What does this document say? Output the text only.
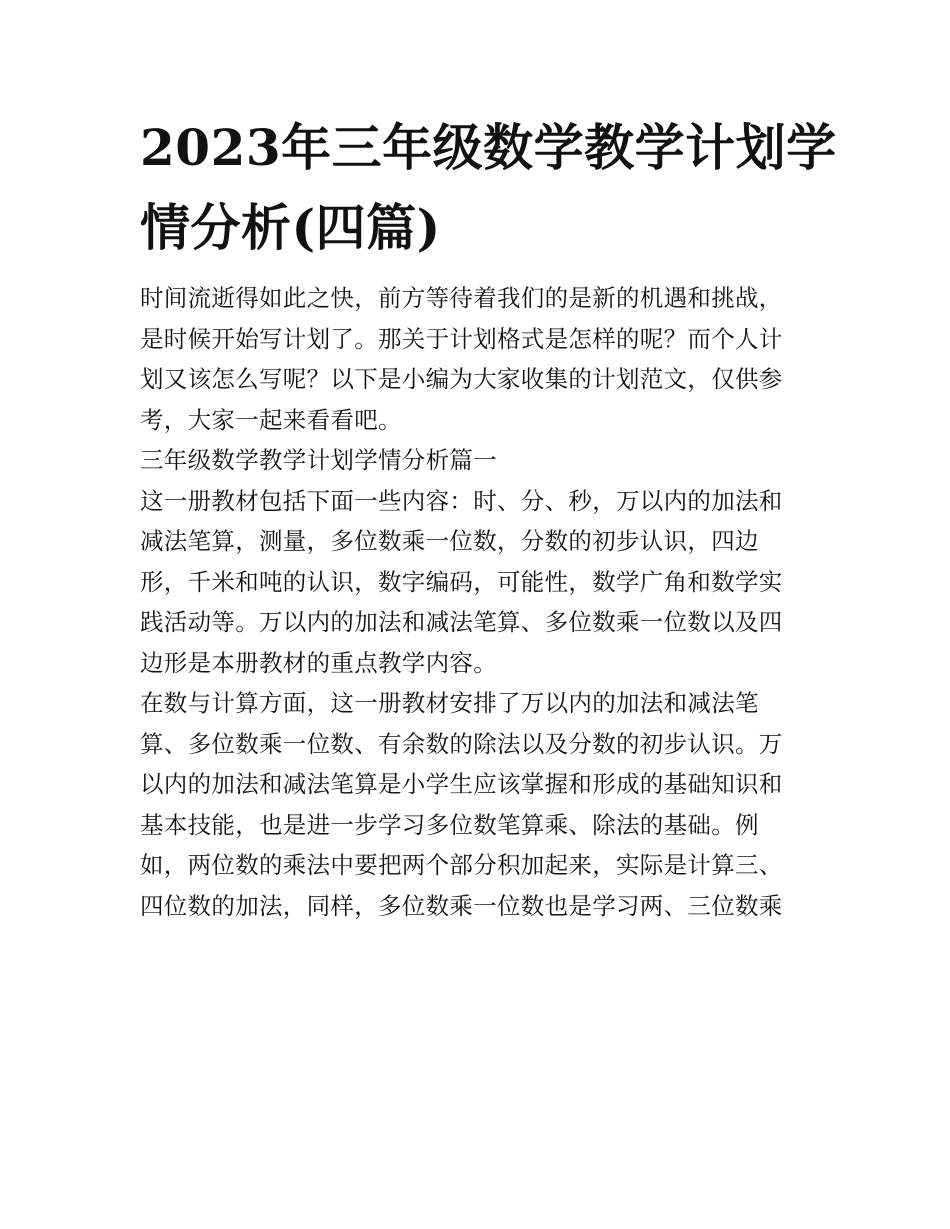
2023年三年级数学教学计划学
情分析(四篇)
时间流逝得如此之快，前方等待着我们的是新的机遇和挑战，
是时候开始写计划了。那关于计划格式是怎样的呢？而个人计
划又该怎么写呢？以下是小编为大家收集的计划范文，仅供参
考，大家一起来看看吧。
三年级数学教学计划学情分析篇一
这一册教材包括下面一些内容：时、分、秒，万以内的加法和
减法笔算，测量，多位数乘一位数，分数的初步认识，四边
形，千米和吨的认识，数字编码，可能性，数学广角和数学实
践活动等。万以内的加法和减法笔算、多位数乘一位数以及四
边形是本册教材的重点教学内容。
在数与计算方面，这一册教材安排了万以内的加法和减法笔
算、多位数乘一位数、有余数的除法以及分数的初步认识。万
以内的加法和减法笔算是小学生应该掌握和形成的基础知识和
基本技能，也是进一步学习多位数笔算乘、除法的基础。例
如，两位数的乘法中要把两个部分积加起来，实际是计算三、
四位数的加法，同样，多位数乘一位数也是学习两、三位数乘
